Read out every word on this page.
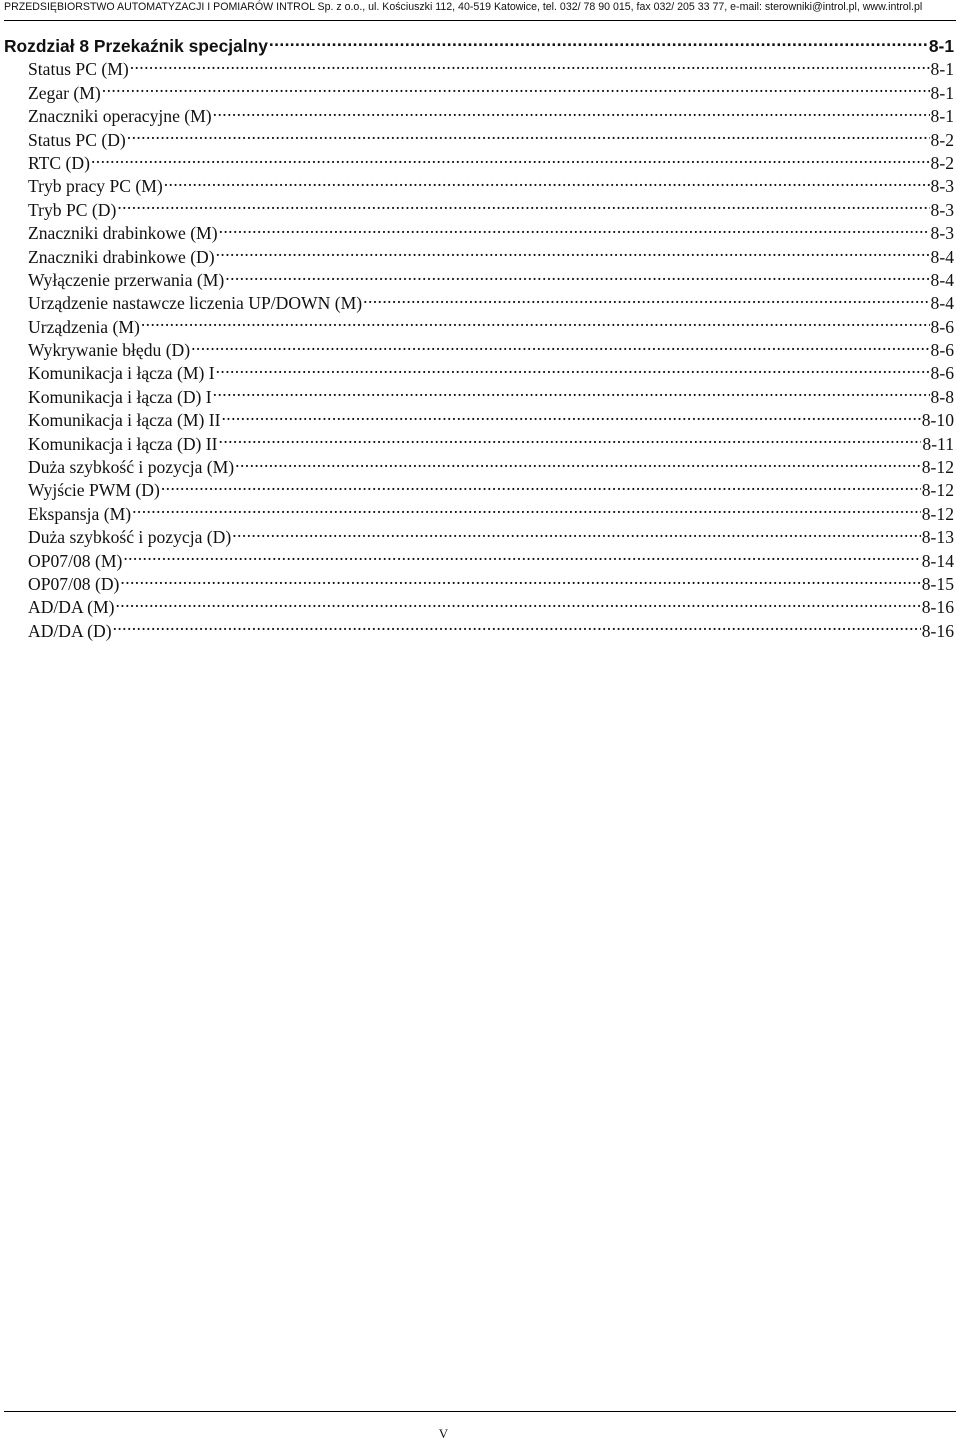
PRZEDSIĘBIORSTWO AUTOMATYZACJI I POMIARÓW INTROL Sp. z o.o., ul. Kościuszki 112, 40-519 Katowice, tel. 032/ 78 90 015, fax 032/ 205 33 77, e-mail: sterowniki@introl.pl, www.introl.pl
Rozdział 8 Przekaźnik specjalny .....	8-1
Status PC (M) .....	8-1
Zegar (M) .....	8-1
Znaczniki operacyjne (M) .....	8-1
Status PC (D) .....	8-2
RTC (D) .....	8-2
Tryb pracy PC (M) .....	8-3
Tryb PC (D) .....	8-3
Znaczniki drabinkowe (M) .....	8-3
Znaczniki drabinkowe (D) .....	8-4
Wyłączenie przerwania (M) .....	8-4
Urządzenie nastawcze liczenia UP/DOWN (M) .....	8-4
Urządzenia (M) .....	8-6
Wykrywanie błędu (D) .....	8-6
Komunikacja i łącza (M) I .....	8-6
Komunikacja i łącza (D) I .....	8-8
Komunikacja i łącza (M) II .....	8-10
Komunikacja i łącza (D) II .....	8-11
Duża szybkość i pozycja (M) .....	8-12
Wyjście PWM (D) .....	8-12
Ekspansja (M) .....	8-12
Duża szybkość i pozycja (D) .....	8-13
OP07/08 (M) .....	8-14
OP07/08 (D) .....	8-15
AD/DA (M) .....	8-16
AD/DA (D) .....	8-16
V
